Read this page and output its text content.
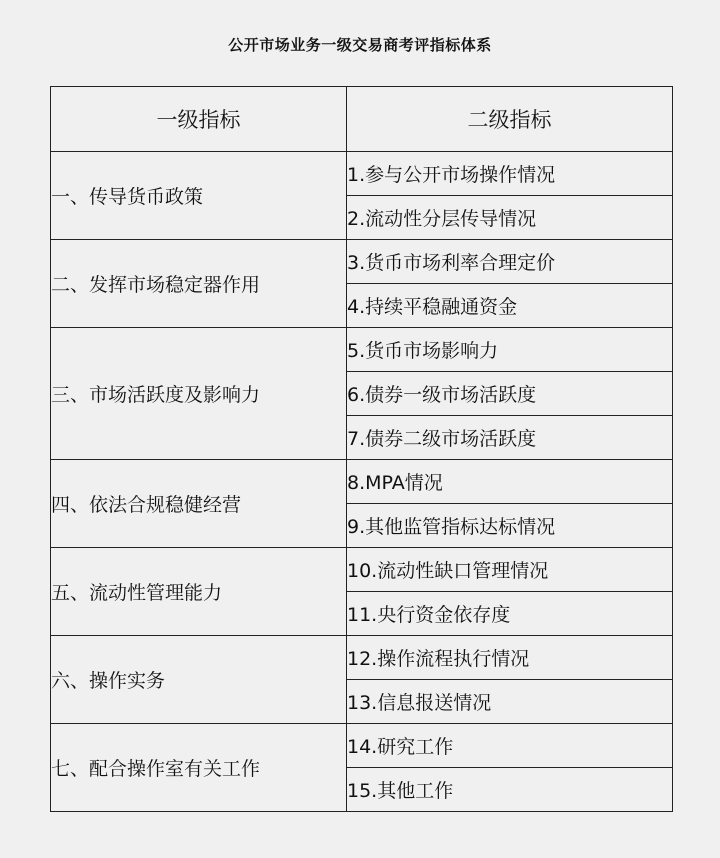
公开市场业务一级交易商考评指标体系
一级指标	二级指标
一、传导货币政策	1.参与公开市场操作情况
	2.流动性分层传导情况
二、发挥市场稳定器作用	3.货币市场利率合理定价
	4.持续平稳融通资金
三、市场活跃度及影响力	5.货币市场影响力
	6.债券一级市场活跃度
	7.债券二级市场活跃度
四、依法合规稳健经营	8.MPA情况
	9.其他监管指标达标情况
五、流动性管理能力	10.流动性缺口管理情况
	11.央行资金依存度
六、操作实务	12.操作流程执行情况
	13.信息报送情况
七、配合操作室有关工作	14.研究工作
	15.其他工作
